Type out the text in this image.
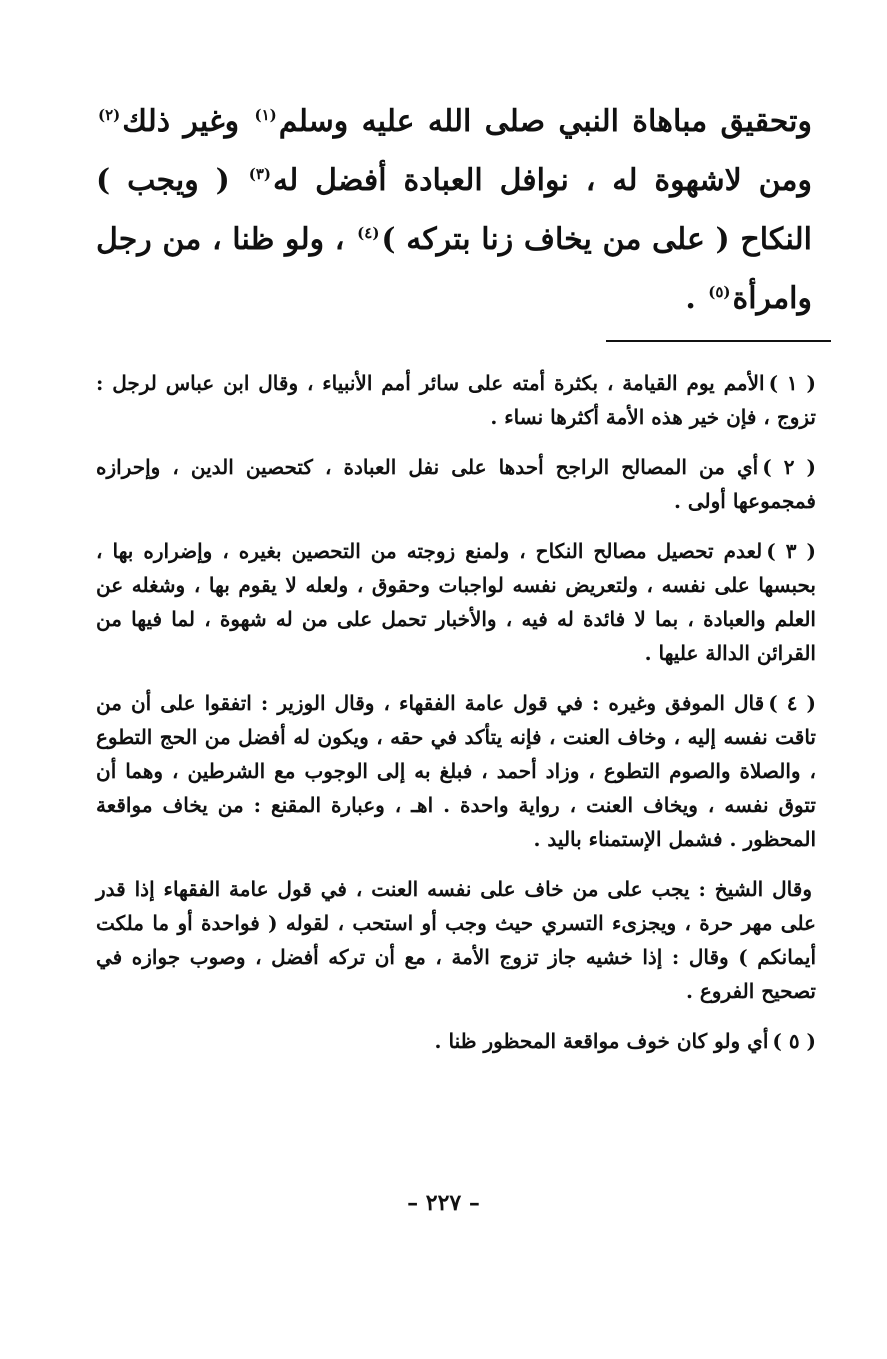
وتحقيق مباهاة النبي صلى الله عليه وسلم$^{(١)}$ وغير ذلك$^{(٢)}$ ومن لاشهوة له ، نوافل العبادة أفضل له$^{(٣)}$ ( ويجب ) النكاح ( على من يخاف زنا بتركه )$^{(٤)}$ ، ولو ظنا ، من رجل وامرأة$^{(٥)}$ .

( ١ )الأمم يوم القيامة ، بكثرة أمته على سائر أمم الأنبياء ، وقال ابن عباس لرجل : تزوج ، فإن خير هذه الأمة أكثرها نساء .

( ٢ )أي من المصالح الراجح أحدها على نفل العبادة ، كتحصين الدين ، وإحرازه فمجموعها أولى .

( ٣ )لعدم تحصيل مصالح النكاح ، ولمنع زوجته من التحصين بغيره ، وإضراره بها ، بحبسها على نفسه ، ولتعريض نفسه لواجبات وحقوق ، ولعله لا يقوم بها ، وشغله عن العلم والعبادة ، بما لا فائدة له فيه ، والأخبار تحمل على من له شهوة ، لما فيها من القرائن الدالة عليها .

( ٤ )قال الموفق وغيره : في قول عامة الفقهاء ، وقال الوزير : اتفقوا على أن من تاقت نفسه إليه ، وخاف العنت ، فإنه يتأكد في حقه ، ويكون له أفضل من الحج التطوع ، والصلاة والصوم التطوع ، وزاد أحمد ، فبلغ به إلى الوجوب مع الشرطين ، وهما أن تتوق نفسه ، ويخاف العنت ، رواية واحدة . اهـ ، وعبارة المقنع : من يخاف مواقعة المحظور . فشمل الإستمناء باليد .

وقال الشيخ : يجب على من خاف على نفسه العنت ، في قول عامة الفقهاء إذا قدر على مهر حرة ، ويجزىء التسري حيث وجب أو استحب ، لقوله ( فواحدة أو ما ملكت أيمانكم ) وقال : إذا خشيه جاز تزوج الأمة ، مع أن تركه أفضل ، وصوب جوازه في تصحيح الفروع .

( ٥ )أي ولو كان خوف مواقعة المحظور ظنا .

– ٢٢٧ –
